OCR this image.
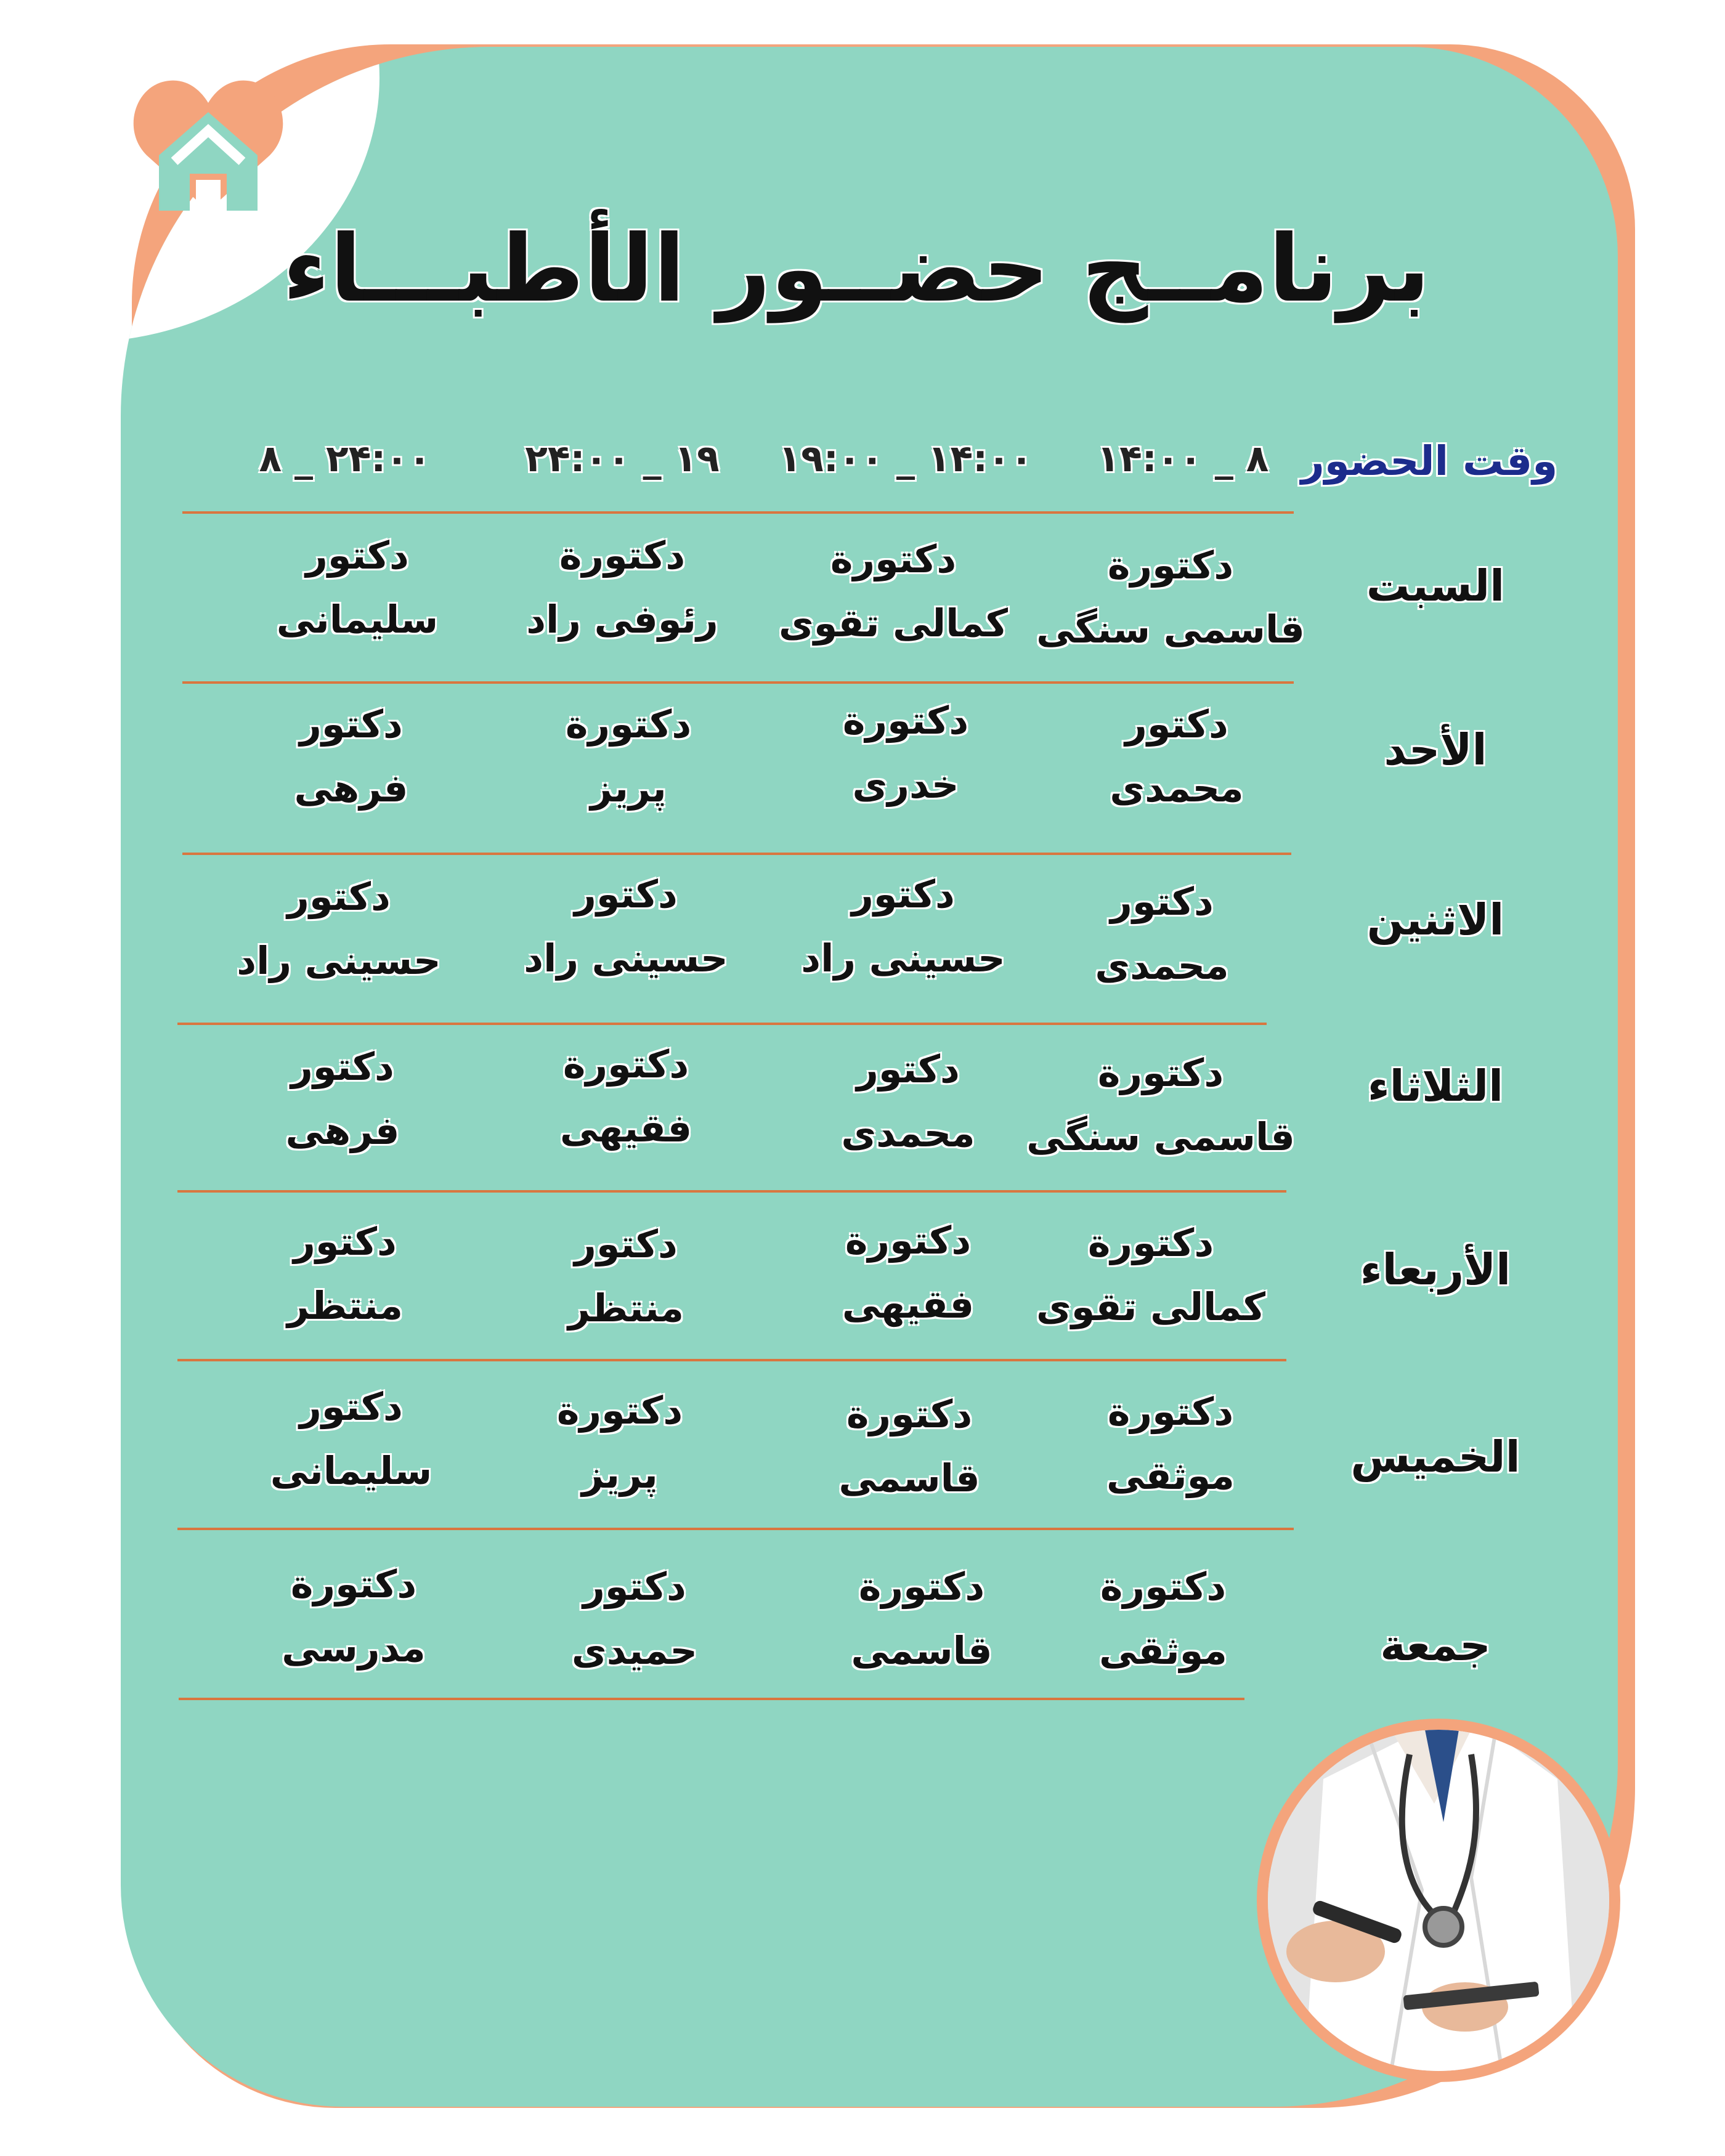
برنامــج حضــور الأطبـــاء
وقت الحضور
۱۴:۰۰ _ ۸
۱۹:۰۰ _ ۱۴:۰۰
۲۴:۰۰ _ ۱۹
۸ _ ۲۴:۰۰
السبت
دکتورة
قاسمی سنگی
دکتورة
کمالی تقوی
دکتورة
رئوفی راد
دکتور
سلیمانی
الأحد
دکتور
محمدی
دکتورة
خدری
دکتورة
پریز
دکتور
فرهی
الاثنین
دکتور
محمدی
دکتور
حسینی راد
دکتور
حسینی راد
دکتور
حسینی راد
الثلاثاء
دکتورة
قاسمی سنگی
دکتور
محمدی
دکتورة
فقیهی
دکتور
فرهی
الأربعاء
دکتورة
کمالی تقوی
دکتورة
فقیهی
دکتور
منتظر
دکتور
منتظر
الخمیس
دکتورة
موثقی
دکتورة
قاسمی
دکتورة
پریز
دکتور
سلیمانی
جمعة
دکتورة
موثقی
دکتورة
قاسمی
دکتور
حمیدی
دکتورة
مدرسی
